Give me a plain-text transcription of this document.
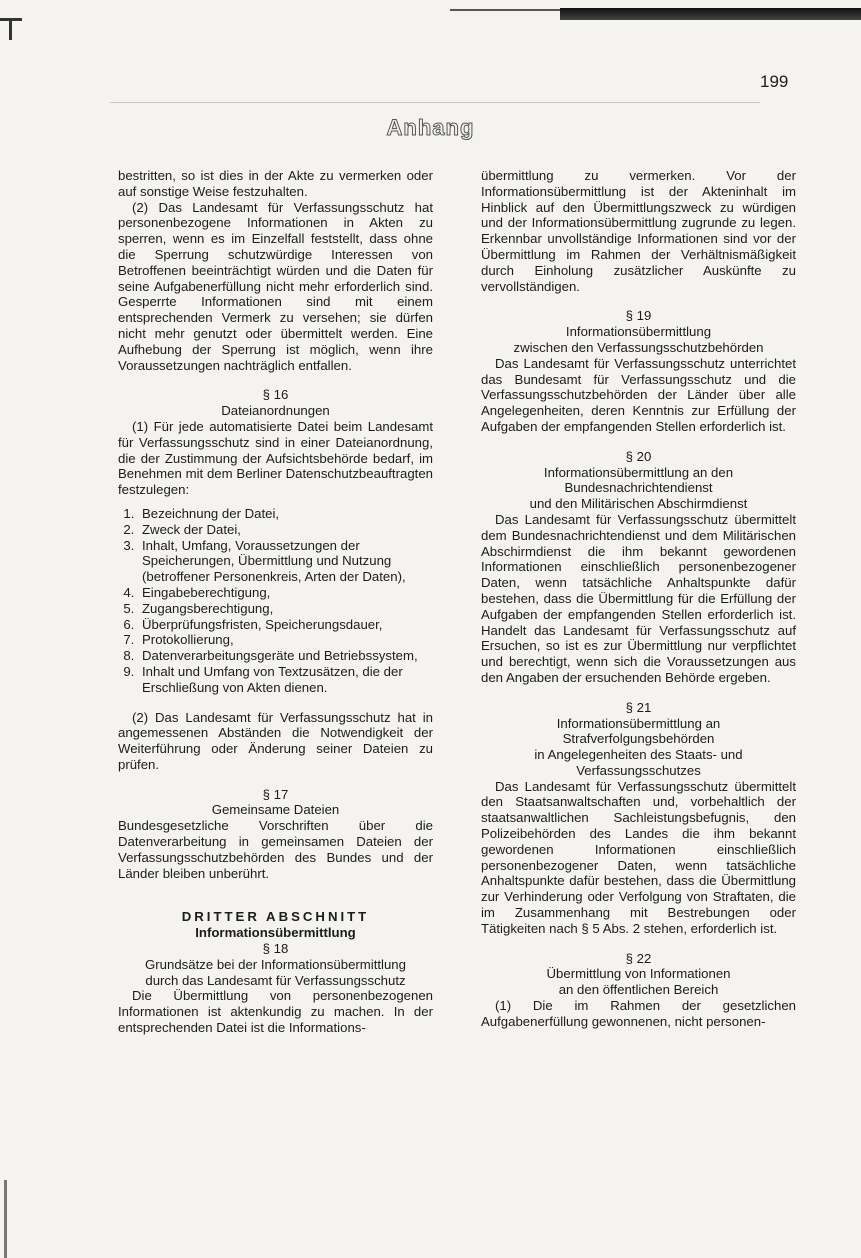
199
Anhang

bestritten, so ist dies in der Akte zu vermerken oder auf sonstige Weise festzuhalten.

(2) Das Landesamt für Verfassungsschutz hat personenbezogene Informationen in Akten zu sperren, wenn es im Einzelfall feststellt, dass ohne die Sperrung schutzwürdige Interessen von Betroffenen beeinträchtigt würden und die Daten für seine Aufgabenerfüllung nicht mehr erforderlich sind. Gesperrte Informationen sind mit einem entsprechenden Vermerk zu versehen; sie dürfen nicht mehr genutzt oder übermittelt werden. Eine Aufhebung der Sperrung ist möglich, wenn ihre Voraussetzungen nachträglich entfallen.

§ 16
Dateianordnungen

(1) Für jede automatisierte Datei beim Landesamt für Verfassungsschutz sind in einer Dateianordnung, die der Zustimmung der Aufsichtsbehörde bedarf, im Benehmen mit dem Berliner Datenschutzbeauftragten festzulegen:

1. Bezeichnung der Datei,
2. Zweck der Datei,
3. Inhalt, Umfang, Voraussetzungen der Speicherungen, Übermittlung und Nutzung (betroffener Personenkreis, Arten der Daten),
4. Eingabeberechtigung,
5. Zugangsberechtigung,
6. Überprüfungsfristen, Speicherungsdauer,
7. Protokollierung,
8. Datenverarbeitungsgeräte und Betriebssystem,
9. Inhalt und Umfang von Textzusätzen, die der Erschließung von Akten dienen.

(2) Das Landesamt für Verfassungsschutz hat in angemessenen Abständen die Notwendigkeit der Weiterführung oder Änderung seiner Dateien zu prüfen.

§ 17
Gemeinsame Dateien

Bundesgesetzliche Vorschriften über die Datenverarbeitung in gemeinsamen Dateien der Verfassungsschutzbehörden des Bundes und der Länder bleiben unberührt.

DRITTER ABSCHNITT
Informationsübermittlung
§ 18
Grundsätze bei der Informationsübermittlung
durch das Landesamt für Verfassungsschutz

Die Übermittlung von personenbezogenen Informationen ist aktenkundig zu machen. In der entsprechenden Datei ist die Informations-

übermittlung zu vermerken. Vor der Informationsübermittlung ist der Akteninhalt im Hinblick auf den Übermittlungszweck zu würdigen und der Informationsübermittlung zugrunde zu legen. Erkennbar unvollständige Informationen sind vor der Übermittlung im Rahmen der Verhältnismäßigkeit durch Einholung zusätzlicher Auskünfte zu vervollständigen.

§ 19
Informationsübermittlung
zwischen den Verfassungsschutzbehörden

Das Landesamt für Verfassungsschutz unterrichtet das Bundesamt für Verfassungsschutz und die Verfassungsschutzbehörden der Länder über alle Angelegenheiten, deren Kenntnis zur Erfüllung der Aufgaben der empfangenden Stellen erforderlich ist.

§ 20
Informationsübermittlung an den
Bundesnachrichtendienst
und den Militärischen Abschirmdienst

Das Landesamt für Verfassungsschutz übermittelt dem Bundesnachrichtendienst und dem Militärischen Abschirmdienst die ihm bekannt gewordenen Informationen einschließlich personenbezogener Daten, wenn tatsächliche Anhaltspunkte dafür bestehen, dass die Übermittlung für die Erfüllung der Aufgaben der empfangenden Stellen erforderlich ist. Handelt das Landesamt für Verfassungsschutz auf Ersuchen, so ist es zur Übermittlung nur verpflichtet und berechtigt, wenn sich die Voraussetzungen aus den Angaben der ersuchenden Behörde ergeben.

§ 21
Informationsübermittlung an
Strafverfolgungsbehörden
in Angelegenheiten des Staats- und
Verfassungsschutzes

Das Landesamt für Verfassungsschutz übermittelt den Staatsanwaltschaften und, vorbehaltlich der staatsanwaltlichen Sachleistungsbefugnis, den Polizeibehörden des Landes die ihm bekannt gewordenen Informationen einschließlich personenbezogener Daten, wenn tatsächliche Anhaltspunkte dafür bestehen, dass die Übermittlung zur Verhinderung oder Verfolgung von Straftaten, die im Zusammenhang mit Bestrebungen oder Tätigkeiten nach § 5 Abs. 2 stehen, erforderlich ist.

§ 22
Übermittlung von Informationen
an den öffentlichen Bereich

(1) Die im Rahmen der gesetzlichen Aufgabenerfüllung gewonnenen, nicht personen-
